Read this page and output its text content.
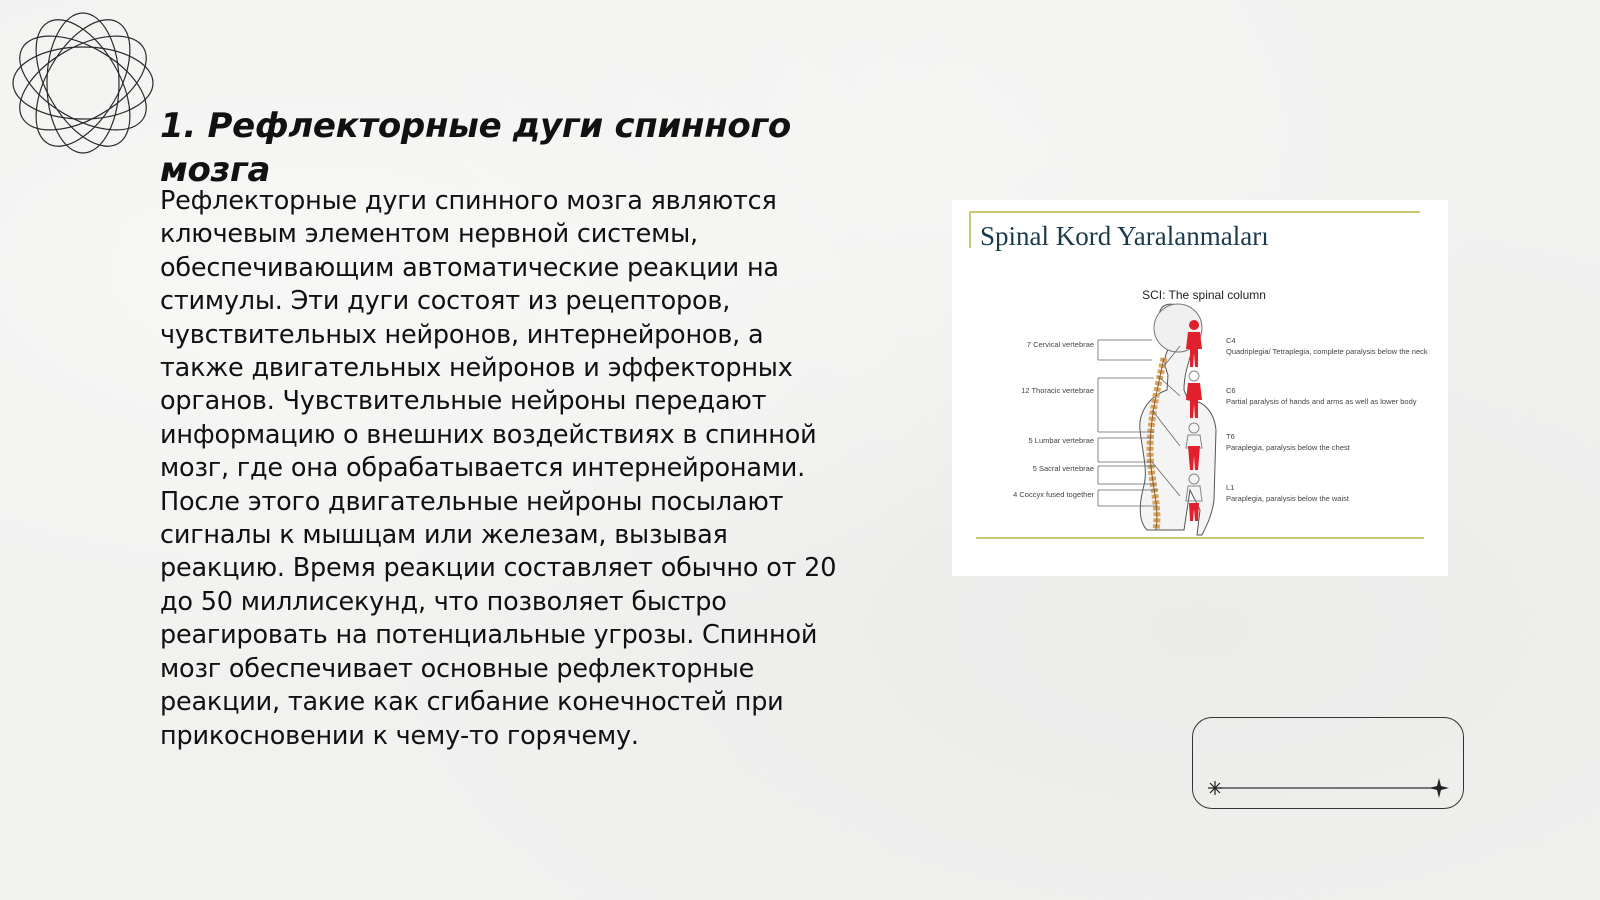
1. Рефлекторные дуги спинного мозга

Рефлекторные дуги спинного мозга являются ключевым элементом нервной системы, обеспечивающим автоматические реакции на стимулы. Эти дуги состоят из рецепторов, чувствительных нейронов, интернейронов, а также двигательных нейронов и эффекторных органов. Чувствительные нейроны передают информацию о внешних воздействиях в спинной мозг, где она обрабатывается интернейронами. После этого двигательные нейроны посылают сигналы к мышцам или железам, вызывая реакцию. Время реакции составляет обычно от 20 до 50 миллисекунд, что позволяет быстро реагировать на потенциальные угрозы. Спинной мозг обеспечивает основные рефлекторные реакции, такие как сгибание конечностей при прикосновении к чему-то горячему.

Spinal Kord Yaralanmaları
SCI: The spinal column
7 Cervical vertebrae
12 Thoracic vertebrae
5 Lumbar vertebrae
5 Sacral vertebrae
4 Coccyx fused together
C4
Quadriplegia/ Tetraplegia, complete paralysis below the neck
C6
Partial paralysis of hands and arms as well as lower body
T6
Paraplegia, paralysis below the chest
L1
Paraplegia, paralysis below the waist
